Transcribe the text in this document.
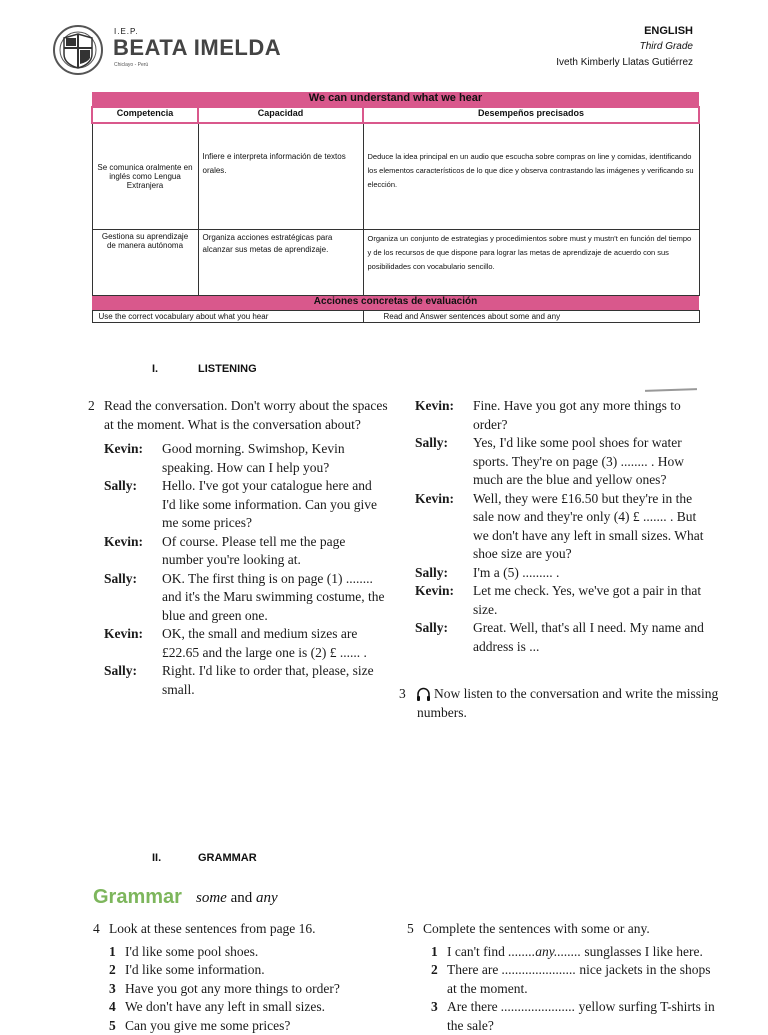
I.E.P.
BEATA IMELDA
Chiclayo - Perú
ENGLISH
Third Grade
Iveth Kimberly Llatas Gutiérrez
We can understand what we hear		
Competencia	Capacidad	Desempeños precisados
Se comunica oralmente en inglés como Lengua Extranjera	Infiere e interpreta información de textos orales.	Deduce la idea principal en un audio que escucha sobre compras on line y comidas, identificando los elementos característicos de lo que dice y observa contrastando las imágenes y verificando su elección.
Gestiona su aprendizaje de manera autónoma	Organiza acciones estratégicas para alcanzar sus metas de aprendizaje.	Organiza un conjunto de estrategias y procedimientos sobre must y mustn't en función del tiempo y de los recursos de que dispone para lograr las metas de aprendizaje de acuerdo con sus posibilidades con vocabulario sencillo.
Acciones concretas de evaluación		
Use the correct vocabulary about what you hear		Read and Answer sentences about some and any
I.	LISTENING
2 Read the conversation. Don't worry about the spaces at the moment. What is the conversation about?
Kevin: Good morning. Swimshop, Kevin speaking. How can I help you?
Sally: Hello. I've got your catalogue here and I'd like some information. Can you give me some prices?
Kevin: Of course. Please tell me the page number you're looking at.
Sally: OK. The first thing is on page (1) ........ and it's the Maru swimming costume, the blue and green one.
Kevin: OK, the small and medium sizes are £22.65 and the large one is (2) £ ...... .
Sally: Right. I'd like to order that, please, size small.
Kevin: Fine. Have you got any more things to order?
Sally: Yes, I'd like some pool shoes for water sports. They're on page (3) ........ . How much are the blue and yellow ones?
Kevin: Well, they were £16.50 but they're in the sale now and they're only (4) £ ....... . But we don't have any left in small sizes. What shoe size are you?
Sally: I'm a (5) ......... .
Kevin: Let me check. Yes, we've got a pair in that size.
Sally: Great. Well, that's all I need. My name and address is ...
3 Now listen to the conversation and write the missing numbers.
II.	GRAMMAR
Grammar some and any
4 Look at these sentences from page 16.
1 I'd like some pool shoes.
2 I'd like some information.
3 Have you got any more things to order?
4 We don't have any left in small sizes.
5 Can you give me some prices?
5 Complete the sentences with some or any.
1 I can't find ........any........ sunglasses I like here.
2 There are ...................... nice jackets in the shops at the moment.
3 Are there ...................... yellow surfing T-shirts in the sale?
